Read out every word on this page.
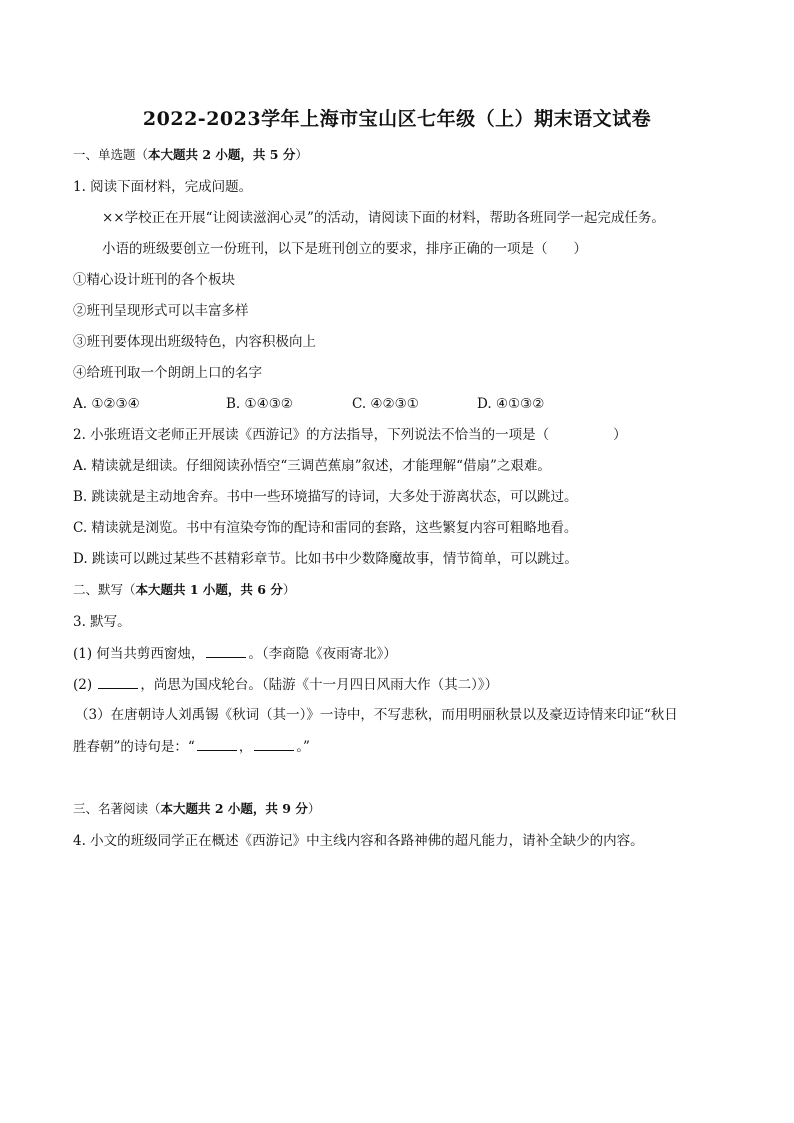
2022-2023学年上海市宝山区七年级（上）期末语文试卷
一、单选题（本大题共 2 小题，共 5 分）
1. 阅读下面材料，完成问题。
××学校正在开展“让阅读滋润心灵”的活动，请阅读下面的材料，帮助各班同学一起完成任务。
小语的班级要创立一份班刊，以下是班刊创立的要求，排序正确的一项是（ ）
①精心设计班刊的各个板块
②班刊呈现形式可以丰富多样
③班刊要体现出班级特色，内容积极向上
④给班刊取一个朗朗上口的名字
A. ①②③④	B. ①④③②	C. ④②③①	D. ④①③②
2. 小张班语文老师正开展读《西游记》的方法指导，下列说法不恰当的一项是（	）
A. 精读就是细读。仔细阅读孙悟空“三调芭蕉扇”叙述，才能理解“借扇”之艰难。
B. 跳读就是主动地舍弃。书中一些环境描写的诗词，大多处于游离状态，可以跳过。
C. 精读就是浏览。书中有渲染夸饰的配诗和雷同的套路，这些繁复内容可粗略地看。
D. 跳读可以跳过某些不甚精彩章节。比如书中少数降魔故事，情节简单，可以跳过。
二、默写（本大题共 1 小题，共 6 分）
3. 默写。
(1) 何当共剪西窗烛，	。（李商隐《夜雨寄北》）
(2)	，尚思为国戍轮台。（陆游《十一月四日风雨大作（其二）》）
（3）在唐朝诗人刘禹锡《秋词（其一）》一诗中，不写悲秋，而用明丽秋景以及豪迈诗情来印证“秋日
胜春朝”的诗句是：“	，	。”
三、名著阅读（本大题共 2 小题，共 9 分）
4. 小文的班级同学正在概述《西游记》中主线内容和各路神佛的超凡能力，请补全缺少的内容。
